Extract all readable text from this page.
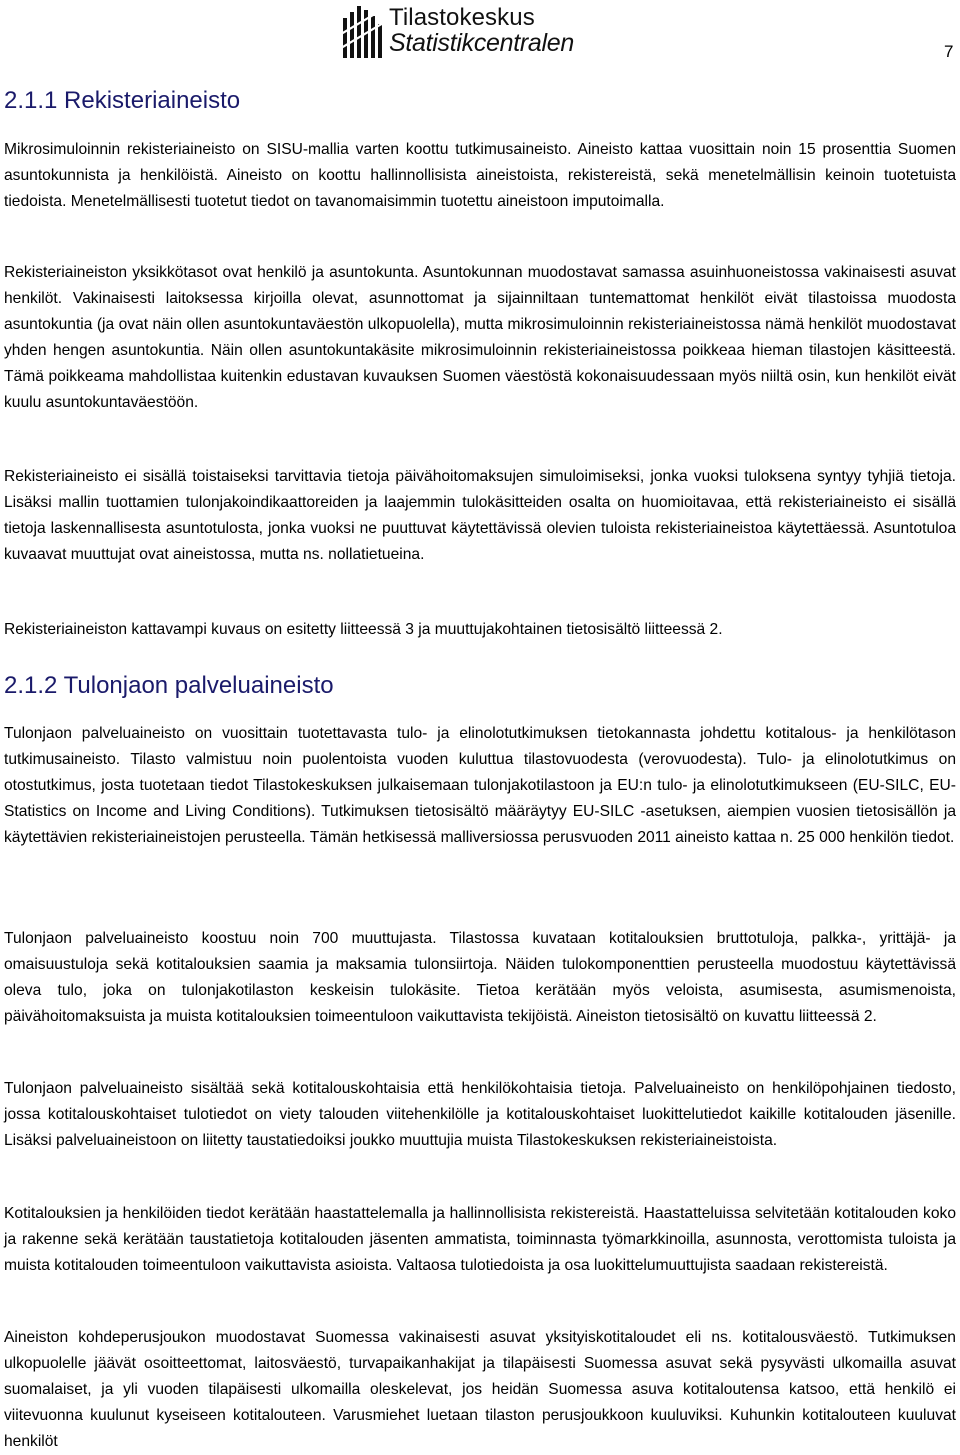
Tilastokeskus
Statistikcentralen	7
2.1.1 Rekisteriaineisto

Mikrosimuloinnin rekisteriaineisto on SISU-mallia varten koottu tutkimusaineisto. Aineisto kattaa vuosittain noin 15 prosenttia Suomen asuntokunnista ja henkilöistä. Aineisto on koottu hallinnollisista aineistoista, rekistereistä, sekä menetelmällisin keinoin tuotetuista tiedoista. Menetelmällisesti tuotetut tiedot on tavanomaisimmin tuotettu aineistoon imputoimalla.

Rekisteriaineiston yksikkötasot ovat henkilö ja asuntokunta. Asuntokunnan muodostavat samassa asuinhuoneistossa vakinaisesti asuvat henkilöt. Vakinaisesti laitoksessa kirjoilla olevat, asunnottomat ja sijainniltaan tuntemattomat henkilöt eivät tilastoissa muodosta asuntokuntia (ja ovat näin ollen asuntokuntaväestön ulkopuolella), mutta mikrosimuloinnin rekisteriaineistossa nämä henkilöt muodostavat yhden hengen asuntokuntia. Näin ollen asuntokuntakäsite mikrosimuloinnin rekisteriaineistossa poikkeaa hieman tilastojen käsitteestä. Tämä poikkeama mahdollistaa kuitenkin edustavan kuvauksen Suomen väestöstä kokonaisuudessaan myös niiltä osin, kun henkilöt eivät kuulu asuntokuntaväestöön.

Rekisteriaineisto ei sisällä toistaiseksi tarvittavia tietoja päivähoitomaksujen simuloimiseksi, jonka vuoksi tuloksena syntyy tyhjiä tietoja. Lisäksi mallin tuottamien tulonjakoindikaattoreiden ja laajemmin tulokäsitteiden osalta on huomioitavaa, että rekisteriaineisto ei sisällä tietoja laskennallisesta asuntotulosta, jonka vuoksi ne puuttuvat käytettävissä olevien tuloista rekisteriaineistoa käytettäessä. Asuntotuloa kuvaavat muuttujat ovat aineistossa, mutta ns. nollatietueina.

Rekisteriaineiston kattavampi kuvaus on esitetty liitteessä 3 ja muuttujakohtainen tietosisältö liitteessä 2.

2.1.2 Tulonjaon palveluaineisto

Tulonjaon palveluaineisto on vuosittain tuotettavasta tulo- ja elinolotutkimuksen tietokannasta johdettu kotitalous- ja henkilötason tutkimusaineisto. Tilasto valmistuu noin puolentoista vuoden kuluttua tilastovuodesta (verovuodesta). Tulo- ja elinolotutkimus on otostutkimus, josta tuotetaan tiedot Tilastokeskuksen julkaisemaan tulonjakotilastoon ja EU:n tulo- ja elinolotutkimukseen (EU-SILC, EU-Statistics on Income and Living Conditions). Tutkimuksen tietosisältö määräytyy EU-SILC -asetuksen, aiempien vuosien tietosisällön ja käytettävien rekisteriaineistojen perusteella. Tämän hetkisessä malliversiossa perusvuoden 2011 aineisto kattaa n. 25 000 henkilön tiedot.

Tulonjaon palveluaineisto koostuu noin 700 muuttujasta. Tilastossa kuvataan kotitalouksien bruttotuloja, palkka-, yrittäjä- ja omaisuustuloja sekä kotitalouksien saamia ja maksamia tulonsiirtoja. Näiden tulokomponenttien perusteella muodostuu käytettävissä oleva tulo, joka on tulonjakotilaston keskeisin tulokäsite. Tietoa kerätään myös veloista, asumisesta, asumismenoista, päivähoitomaksuista ja muista kotitalouksien toimeentuloon vaikuttavista tekijöistä. Aineiston tietosisältö on kuvattu liitteessä 2.

Tulonjaon palveluaineisto sisältää sekä kotitalouskohtaisia että henkilökohtaisia tietoja. Palveluaineisto on henkilöpohjainen tiedosto, jossa kotitalouskohtaiset tulotiedot on viety talouden viitehenkilölle ja kotitalouskohtaiset luokittelutiedot kaikille kotitalouden jäsenille. Lisäksi palveluaineistoon on liitetty taustatiedoiksi joukko muuttujia muista Tilastokeskuksen rekisteriaineistoista.

Kotitalouksien ja henkilöiden tiedot kerätään haastattelemalla ja hallinnollisista rekistereistä. Haastatteluissa selvitetään kotitalouden koko ja rakenne sekä kerätään taustatietoja kotitalouden jäsenten ammatista, toiminnasta työmarkkinoilla, asunnosta, verottomista tuloista ja muista kotitalouden toimeentuloon vaikuttavista asioista. Valtaosa tulotiedoista ja osa luokittelumuuttujista saadaan rekistereistä.

Aineiston kohdeperusjoukon muodostavat Suomessa vakinaisesti asuvat yksityiskotitaloudet eli ns. kotitalousväestö. Tutkimuksen ulkopuolelle jäävät osoitteettomat, laitosväestö, turvapaikanhakijat ja tilapäisesti Suomessa asuvat sekä pysyvästi ulkomailla asuvat suomalaiset, ja yli vuoden tilapäisesti ulkomailla oleskelevat, jos heidän Suomessa asuva kotitaloutensa katsoo, että henkilö ei viitevuonna kuulunut kyseiseen kotitalouteen. Varusmiehet luetaan tilaston perusjoukkoon kuuluviksi. Kuhunkin kotitalouteen kuuluvat henkilöt
